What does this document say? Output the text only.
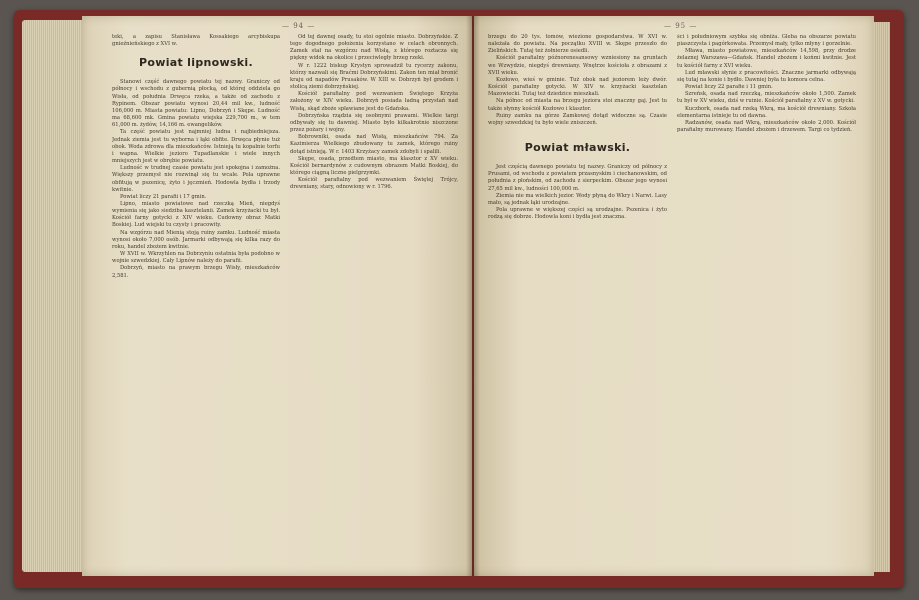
— 94 —

teki, a zapisu Stanisława Kossakiego arcybiskupa gnieźnieńskiego z XVI w.

Powiat lipnowski.

Stanowi część dawnego powiatu tej nazwy. Graniczy od północy i wschodu z gubernią płocką, od której oddziela go Wisła, od południa Drwęca rzeka, a także od zachodu z Rypinem. Obszar powiatu wynosi 20,44 mil kw., ludność 106,000 m. Miasta powiatu: Lipno, Dobrzyń i Skępe. Ludność ma 68,600 mk. Gmina powiatu wiejska 229,700 m., w tem 61,000 m. żydów, 14,166 m. ewangelików.

Ta część powiatu jest najmniej ludna i najbiedniejsza. Jednak ziemia jest tu wyborna i łąki obfite. Drwęca płynie tuż obok. Woda zdrowa dla mieszkańców. Istnieją tu kopalnie torfu i wapna. Wielkie jezioro Tupadlanskie i wiele innych mniejszych jest w obrębie powiatu.

Ludność w trudnej czasie powiatu jest spokojna i zamożna. Większy przemysł nie rozwinął się tu wcale. Pola uprawne obfitują w pszenicę, żyto i jęczmień. Hodowla bydła i trzody kwitnie.

Powiat liczy 21 parafii i 17 gmin.

Lipno, miasto powiatowe nad rzeczką Mień, niegdyś wymienia się jako siedziba kasztelanii. Zamek krzyżacki tu był. Kościół farny gotycki z XIV wieku. Cudowny obraz Matki Boskiej. Lud wiejski tu czysty i pracowity.

Na wzgórzu nad Mienią stoją ruiny zamku. Ludność miasta wynosi około 7,000 osób. Jarmarki odbywają się kilka razy do roku, handel zbożem kwitnie.

W XVII w. Wkrzyhlen na Dobrzyniu ostatnia była podobno w wojnie szwedzkiej. Cały Lipnów należy do parafii.

Dobrzyń, miasto na prawym brzegu Wisły, mieszkańców 2,581.

Od tej dawnej osady, tu stoi ogólnie miasto. Dobrzyńskie. Z tego dogodnego położenia korzystano w celach obronnych. Zamek stał na wzgórzu nad Wisłą, z którego roztacza się piękny widok na okolice i przeciwległy brzeg rzeki.

W r. 1222 biskup Krystyn sprowadził tu rycerzy zakonu, którzy nazwali się Braćmi Dobrzyńskimi. Zakon ten miał bronić kraju od napadów Prusaków. W XIII w. Dobrzyń był grodem i stolicą ziemi dobrzyńskiej.

Kościół parafialny pod wezwaniem Świętego Krzyża założony w XIV wieku. Dobrzyń posiada ładną przystań nad Wisłą, skąd zboże spławiane jest do Gdańska.

Dobrzyńska rządzia się osobnymi prawami. Wielkie targi odbywały się tu dawniej. Miasto było kilkakrotnie niszczone przez pożary i wojny.

Bobrowniki, osada nad Wisłą, mieszkańców 794. Za Kazimierza Wielkiego zbudowany tu zamek, którego ruiny dotąd istnieją. W r. 1403 Krzyżacy zamek zdobyli i spalili.

Skępe, osada, przedtem miasto, ma klasztor z XV wieku. Kościół bernardynów z cudownym obrazem Matki Boskiej, do którego ciągną liczne pielgrzymki.

Kościół parafialny pod wezwaniem Świętej Trójcy, drewniany, stary, odnowiony w r. 1796.

— 95 —

brzegu do 20 tys. tomów, wiezione gospodarstwa. W XVI w. należała do powiatu. Na początku XVIII w. Skępe przeszło do Zielińskich. Tutaj też żołnierze osiedli.

Kościół parafialny późnorenesansowy wzniesiony na gruntach we Wzwydzie, niegdyś drewniany. Wnętrze kościoła z obrazami z XVII wieku.

Kozłowo, wieś w gminie. Tuż obok nad jeziorem leży dwór. Kościół parafialny gotycki. W XIV w. krzyżacki kasztelan Mazowiecki. Tutaj też dziedzice mieszkali.

Na północ od miasta na brzegu jeziora stoi znaczny gaj. Jest tu także słynny kościół Kozłowo i klasztor.

Ruiny zamku na górze Zamkowej dotąd widoczne są. Czasie wojny szwedzkiej tu było wiele zniszczeń.

Powiat mławski.

Jest częścią dawnego powiatu tej nazwy. Graniczy od północy z Prusami, od wschodu z powiatem przasnyskim i ciechanowskim, od południa z płońskim, od zachodu z sierpeckim. Obszar jego wynosi 27,65 mil kw., ludności 100,000 m.

Ziemia nie ma wielkich jezior. Wody płyną do Wkry i Narwi. Lasy mało, są jednak łąki urodzajne.

Pola uprawne w większej części są urodzajne. Pszenica i żyto rodzą się dobrze. Hodowla koni i bydła jest znaczna.

ści i południowym szybka się obniża. Gleba na obszarze powiatu piaszczysta i pagórkowata. Przemysł mały, tylko młyny i gorzelnie.

Mława, miasto powiatowe, mieszkańców 14,598, przy drodze żelaznej Warszawa—Gdańsk. Handel zbożem i końmi kwitnie. Jest tu kościół farny z XVI wieku.

Lud mławski słynie z pracowitości. Znaczne jarmarki odbywają się tutaj na konie i bydło. Dawniej była tu komora celna.

Powiat liczy 22 parafie i 11 gmin.

Szreńsk, osada nad rzeczką, mieszkańców około 1,500. Zamek tu był w XV wieku, dziś w ruinie. Kościół parafialny z XV w. gotycki.

Kuczbork, osada nad rzeką Wkrą, ma kościół drewniany. Szkoła elementarna istnieje tu od dawna.

Radzanów, osada nad Wkrą, mieszkańców około 2,000. Kościół parafialny murowany. Handel zbożem i drzewem. Targi co tydzień.
